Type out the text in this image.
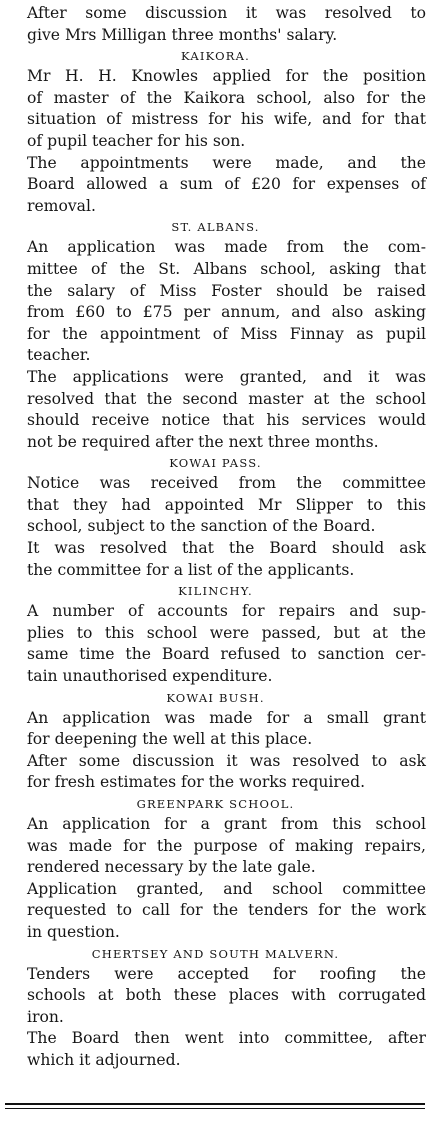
After some discussion it was resolved to
give Mrs Milligan three months' salary.

KAIKORA.

Mr H. H. Knowles applied for the position
of master of the Kaikora school, also for the
situation of mistress for his wife, and for that
of pupil teacher for his son.

The appointments were made, and the
Board allowed a sum of £20 for expenses of
removal.

ST. ALBANS.

An application was made from the com-
mittee of the St. Albans school, asking that
the salary of Miss Foster should be raised
from £60 to £75 per annum, and also asking
for the appointment of Miss Finnay as pupil
teacher.

The applications were granted, and it was
resolved that the second master at the school
should receive notice that his services would
not be required after the next three months.

KOWAI PASS.

Notice was received from the committee
that they had appointed Mr Slipper to this
school, subject to the sanction of the Board.

It was resolved that the Board should ask
the committee for a list of the applicants.

KILINCHY.

A number of accounts for repairs and sup-
plies to this school were passed, but at the
same time the Board refused to sanction cer-
tain unauthorised expenditure.

KOWAI BUSH.

An application was made for a small grant
for deepening the well at this place.

After some discussion it was resolved to ask
for fresh estimates for the works required.

GREENPARK SCHOOL.

An application for a grant from this school
was made for the purpose of making repairs,
rendered necessary by the late gale.

Application granted, and school committee
requested to call for the tenders for the work
in question.

CHERTSEY AND SOUTH MALVERN.

Tenders were accepted for roofing the
schools at both these places with corrugated
iron.

The Board then went into committee, after
which it adjourned.
